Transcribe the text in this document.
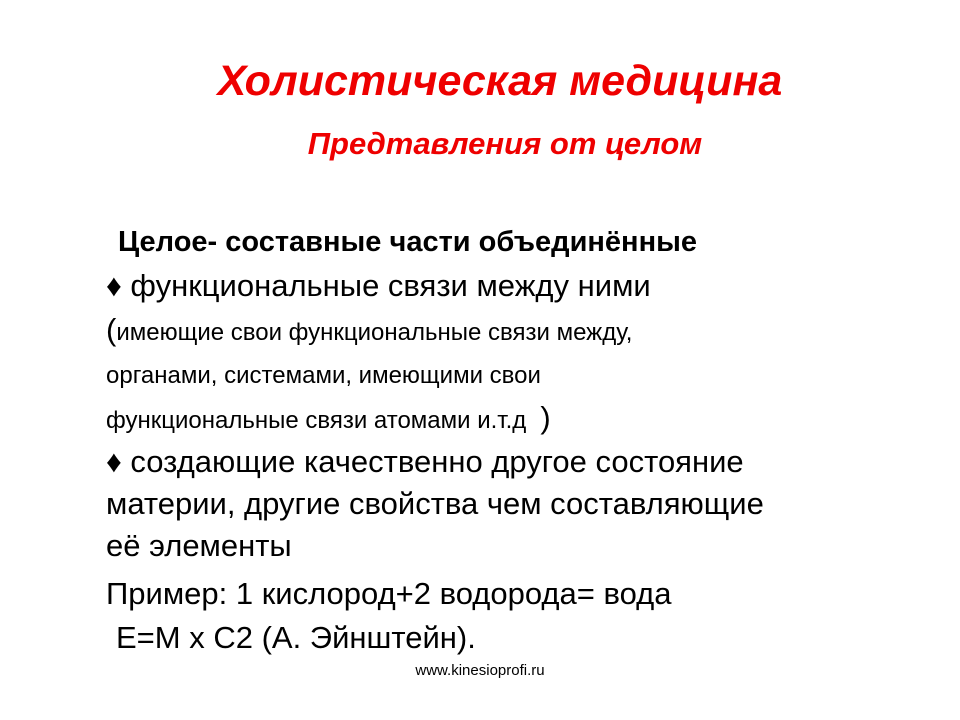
Холистическая медицина
Предтавления от целом
Целое- составные части объединённые
♦ функциональные связи между ними
(имеющие свои функциональные связи между,
органами, системами, имеющими свои
функциональные связи атомами и.т.д )
♦ создающие качественно другое состояние
материи, другие свойства чем составляющие
её элементы
Пример: 1 кислород+2 водорода= вода
Е=М х С2 (А. Эйнштейн).
www.kinesioprofi.ru
